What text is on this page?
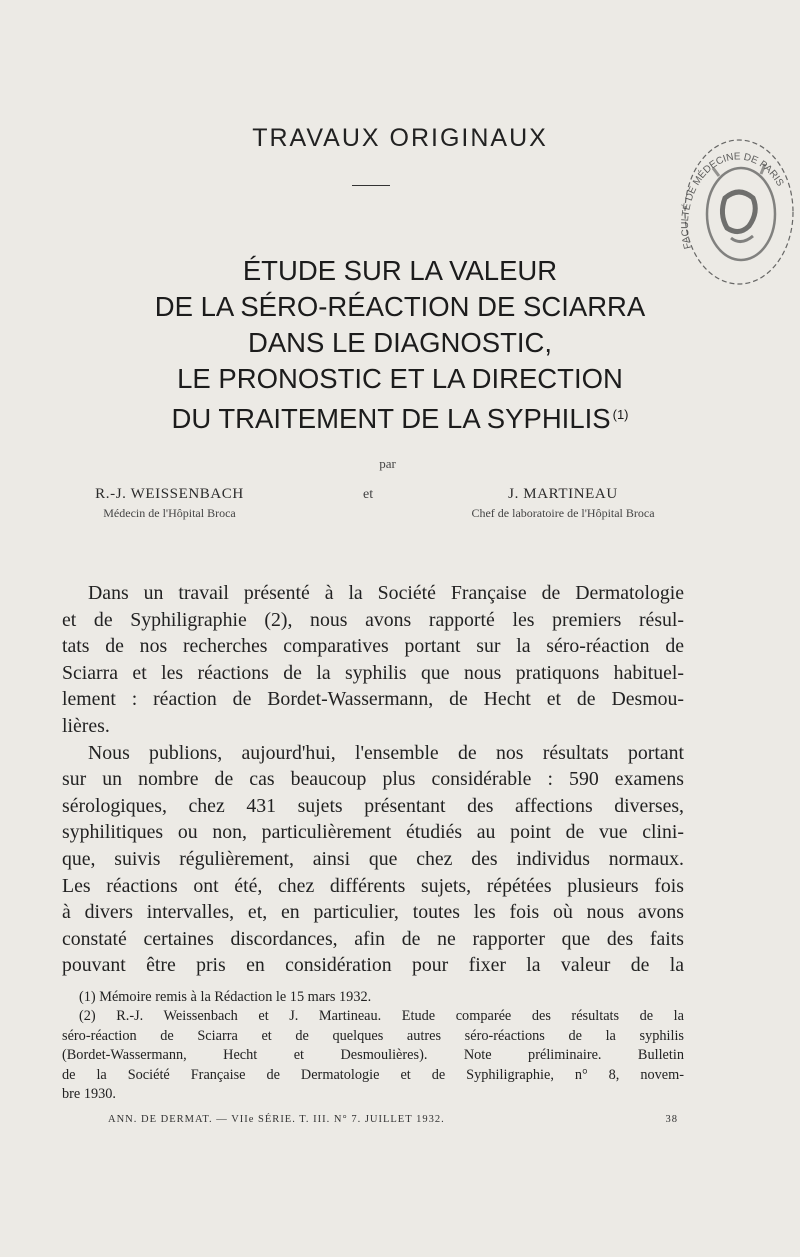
TRAVAUX ORIGINAUX
FACULTÉ DE MÉDECINE DE PARIS
ÉTUDE SUR LA VALEUR
DE LA SÉRO-RÉACTION DE SCIARRA
DANS LE DIAGNOSTIC,
LE PRONOSTIC ET LA DIRECTION
DU TRAITEMENT DE LA SYPHILIS $^{(1)}$
par
R.-J. WEISSENBACH
Médecin de l'Hôpital Broca
et	J. MARTINEAU
Chef de laboratoire de l'Hôpital Broca
Dans un travail présenté à la Société Française de Dermatologie
et de Syphiligraphie (2), nous avons rapporté les premiers résul-
tats de nos recherches comparatives portant sur la séro-réaction de
Sciarra et les réactions de la syphilis que nous pratiquons habituel-
lement : réaction de Bordet-Wassermann, de Hecht et de Desmou-
lières.
Nous publions, aujourd'hui, l'ensemble de nos résultats portant
sur un nombre de cas beaucoup plus considérable : 590 examens
sérologiques, chez 431 sujets présentant des affections diverses,
syphilitiques ou non, particulièrement étudiés au point de vue clini-
que, suivis régulièrement, ainsi que chez des individus normaux.
Les réactions ont été, chez différents sujets, répétées plusieurs fois
à divers intervalles, et, en particulier, toutes les fois où nous avons
constaté certaines discordances, afin de ne rapporter que des faits
pouvant être pris en considération pour fixer la valeur de la
(1) Mémoire remis à la Rédaction le 15 mars 1932.
(2) R.-J. Weissenbach et J. Martineau. Etude comparée des résultats de la
séro-réaction de Sciarra et de quelques autres séro-réactions de la syphilis
(Bordet-Wassermann, Hecht et Desmoulières). Note préliminaire. Bulletin
de la Société Française de Dermatologie et de Syphiligraphie, n° 8, novem-
bre 1930.
ANN. DE DERMAT. — VIIe SÉRIE. T. III. N° 7. JUILLET 1932.	38
